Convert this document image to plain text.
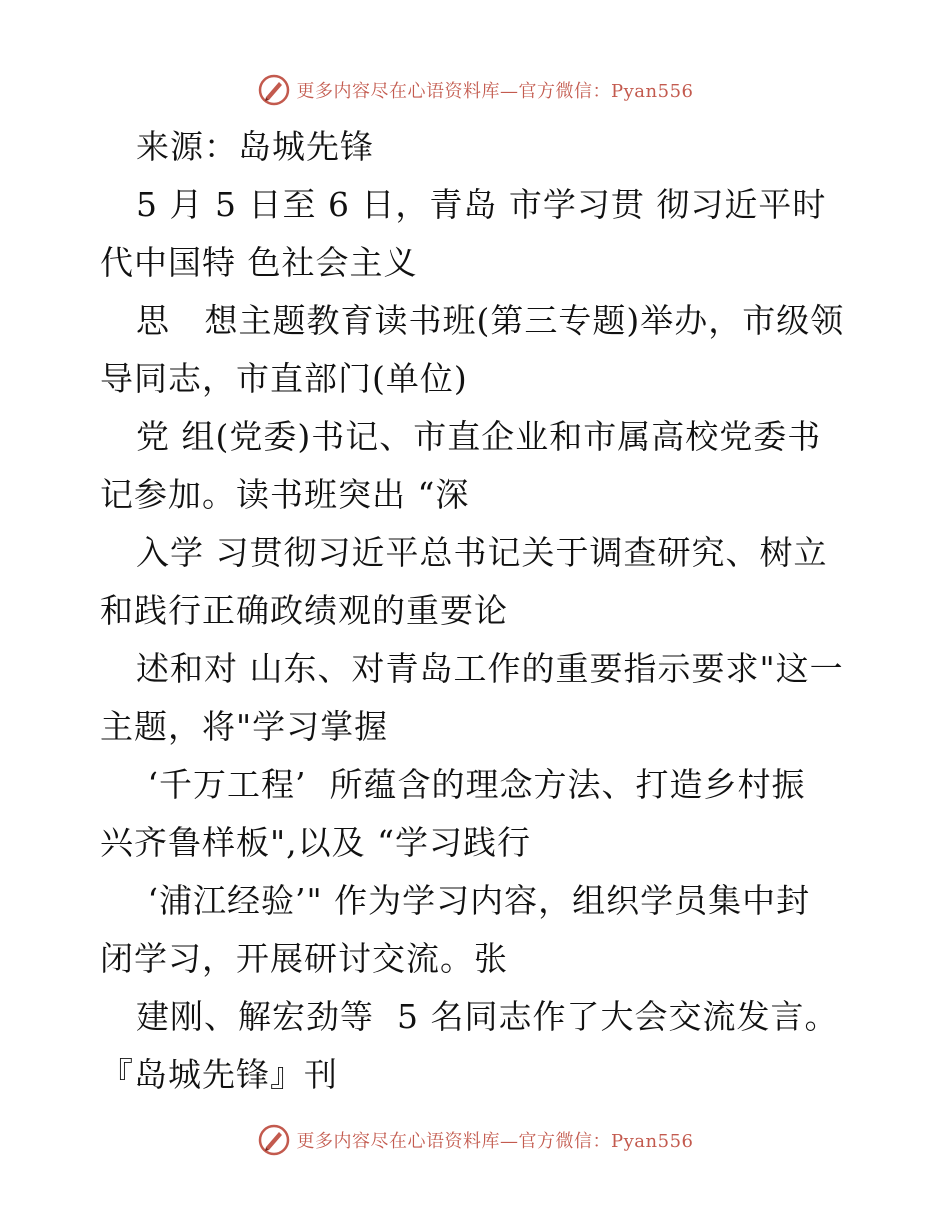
更多内容尽在心语资料库—官方微信：Pyan556
来源：岛城先锋
5 月 5 日至 6 日，青岛 市学习贯 彻习近平时
代中国特 色社会主义
思   想主题教育读书班(第三专题)举办，市级领
导同志，市直部门(单位)
党 组(党委)书记、市直企业和市属高校党委书
记参加。读书班突出 “深
入学 习贯彻习近平总书记关于调查研究、树立
和践行正确政绩观的重要论
述和对 山东、对青岛工作的重要指示要求"这一
主题，将"学习掌握
‘千万工程’  所蕴含的理念方法、打造乡村振
兴齐鲁样板",以及 “学习践行
‘浦江经验’" 作为学习内容，组织学员集中封
闭学习，开展研讨交流。张
建刚、解宏劲等  5 名同志作了大会交流发言。
『岛城先锋』刊
更多内容尽在心语资料库—官方微信：Pyan556
